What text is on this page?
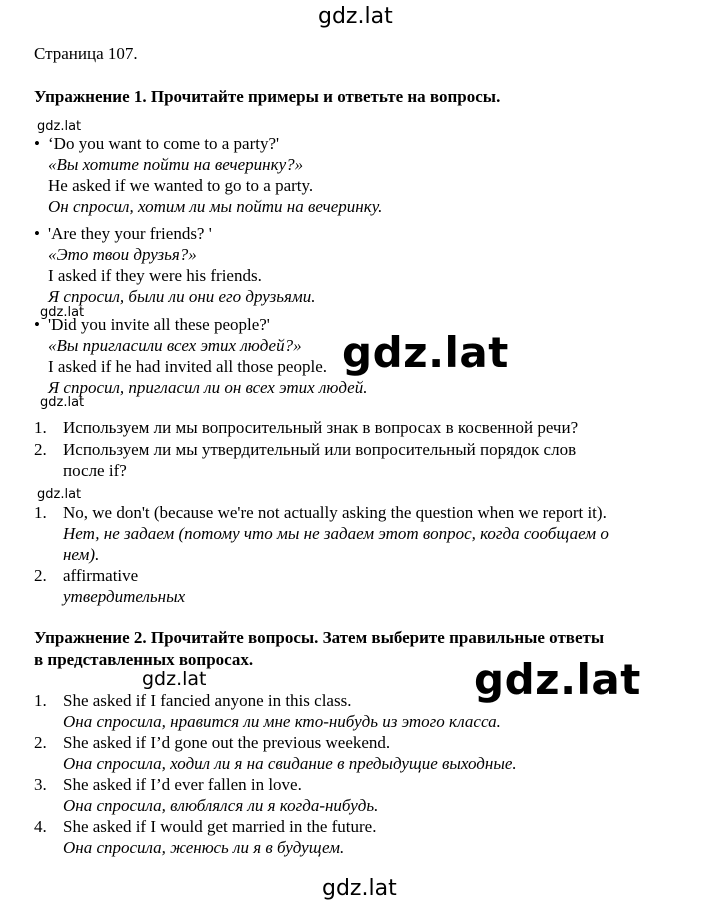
gdz.lat
Страница 107.
Упражнение 1. Прочитайте примеры и ответьте на вопросы.
gdz.lat
• ‘Do you want to come to a party?'
«Вы хотите пойти на вечеринку?»
He asked if we wanted to go to a party.
Он спросил, хотим ли мы пойти на вечеринку.
• 'Are they your friends? '
«Это твои друзья?»
I asked if they were his friends.
Я спросил, были ли они его друзьями.
gdz.lat
• 'Did you invite all these people?'
«Вы пригласили всех этих людей?»
I asked if he had invited all those people.
Я спросил, пригласил ли он всех этих людей.
gdz.lat
gdz.lat
1. Используем ли мы вопросительный знак в вопросах в косвенной речи?
2. Используем ли мы утвердительный или вопросительный порядок слов
после if?
gdz.lat
1. No, we don't (because we're not actually asking the question when we report it).
Нет, не задаем (потому что мы не задаем этот вопрос, когда сообщаем о
нем).
2. affirmative
утвердительных
Упражнение 2. Прочитайте вопросы. Затем выберите правильные ответы
в представленных вопросах.
gdz.lat	gdz.lat
1. She asked if I fancied anyone in this class.
Она спросила, нравится ли мне кто-нибудь из этого класса.
2. She asked if I’d gone out the previous weekend.
Она спросила, ходил ли я на свидание в предыдущие выходные.
3. She asked if I’d ever fallen in love.
Она спросила, влюблялся ли я когда-нибудь.
4. She asked if I would get married in the future.
Она спросила, женюсь ли я в будущем.
gdz.lat
